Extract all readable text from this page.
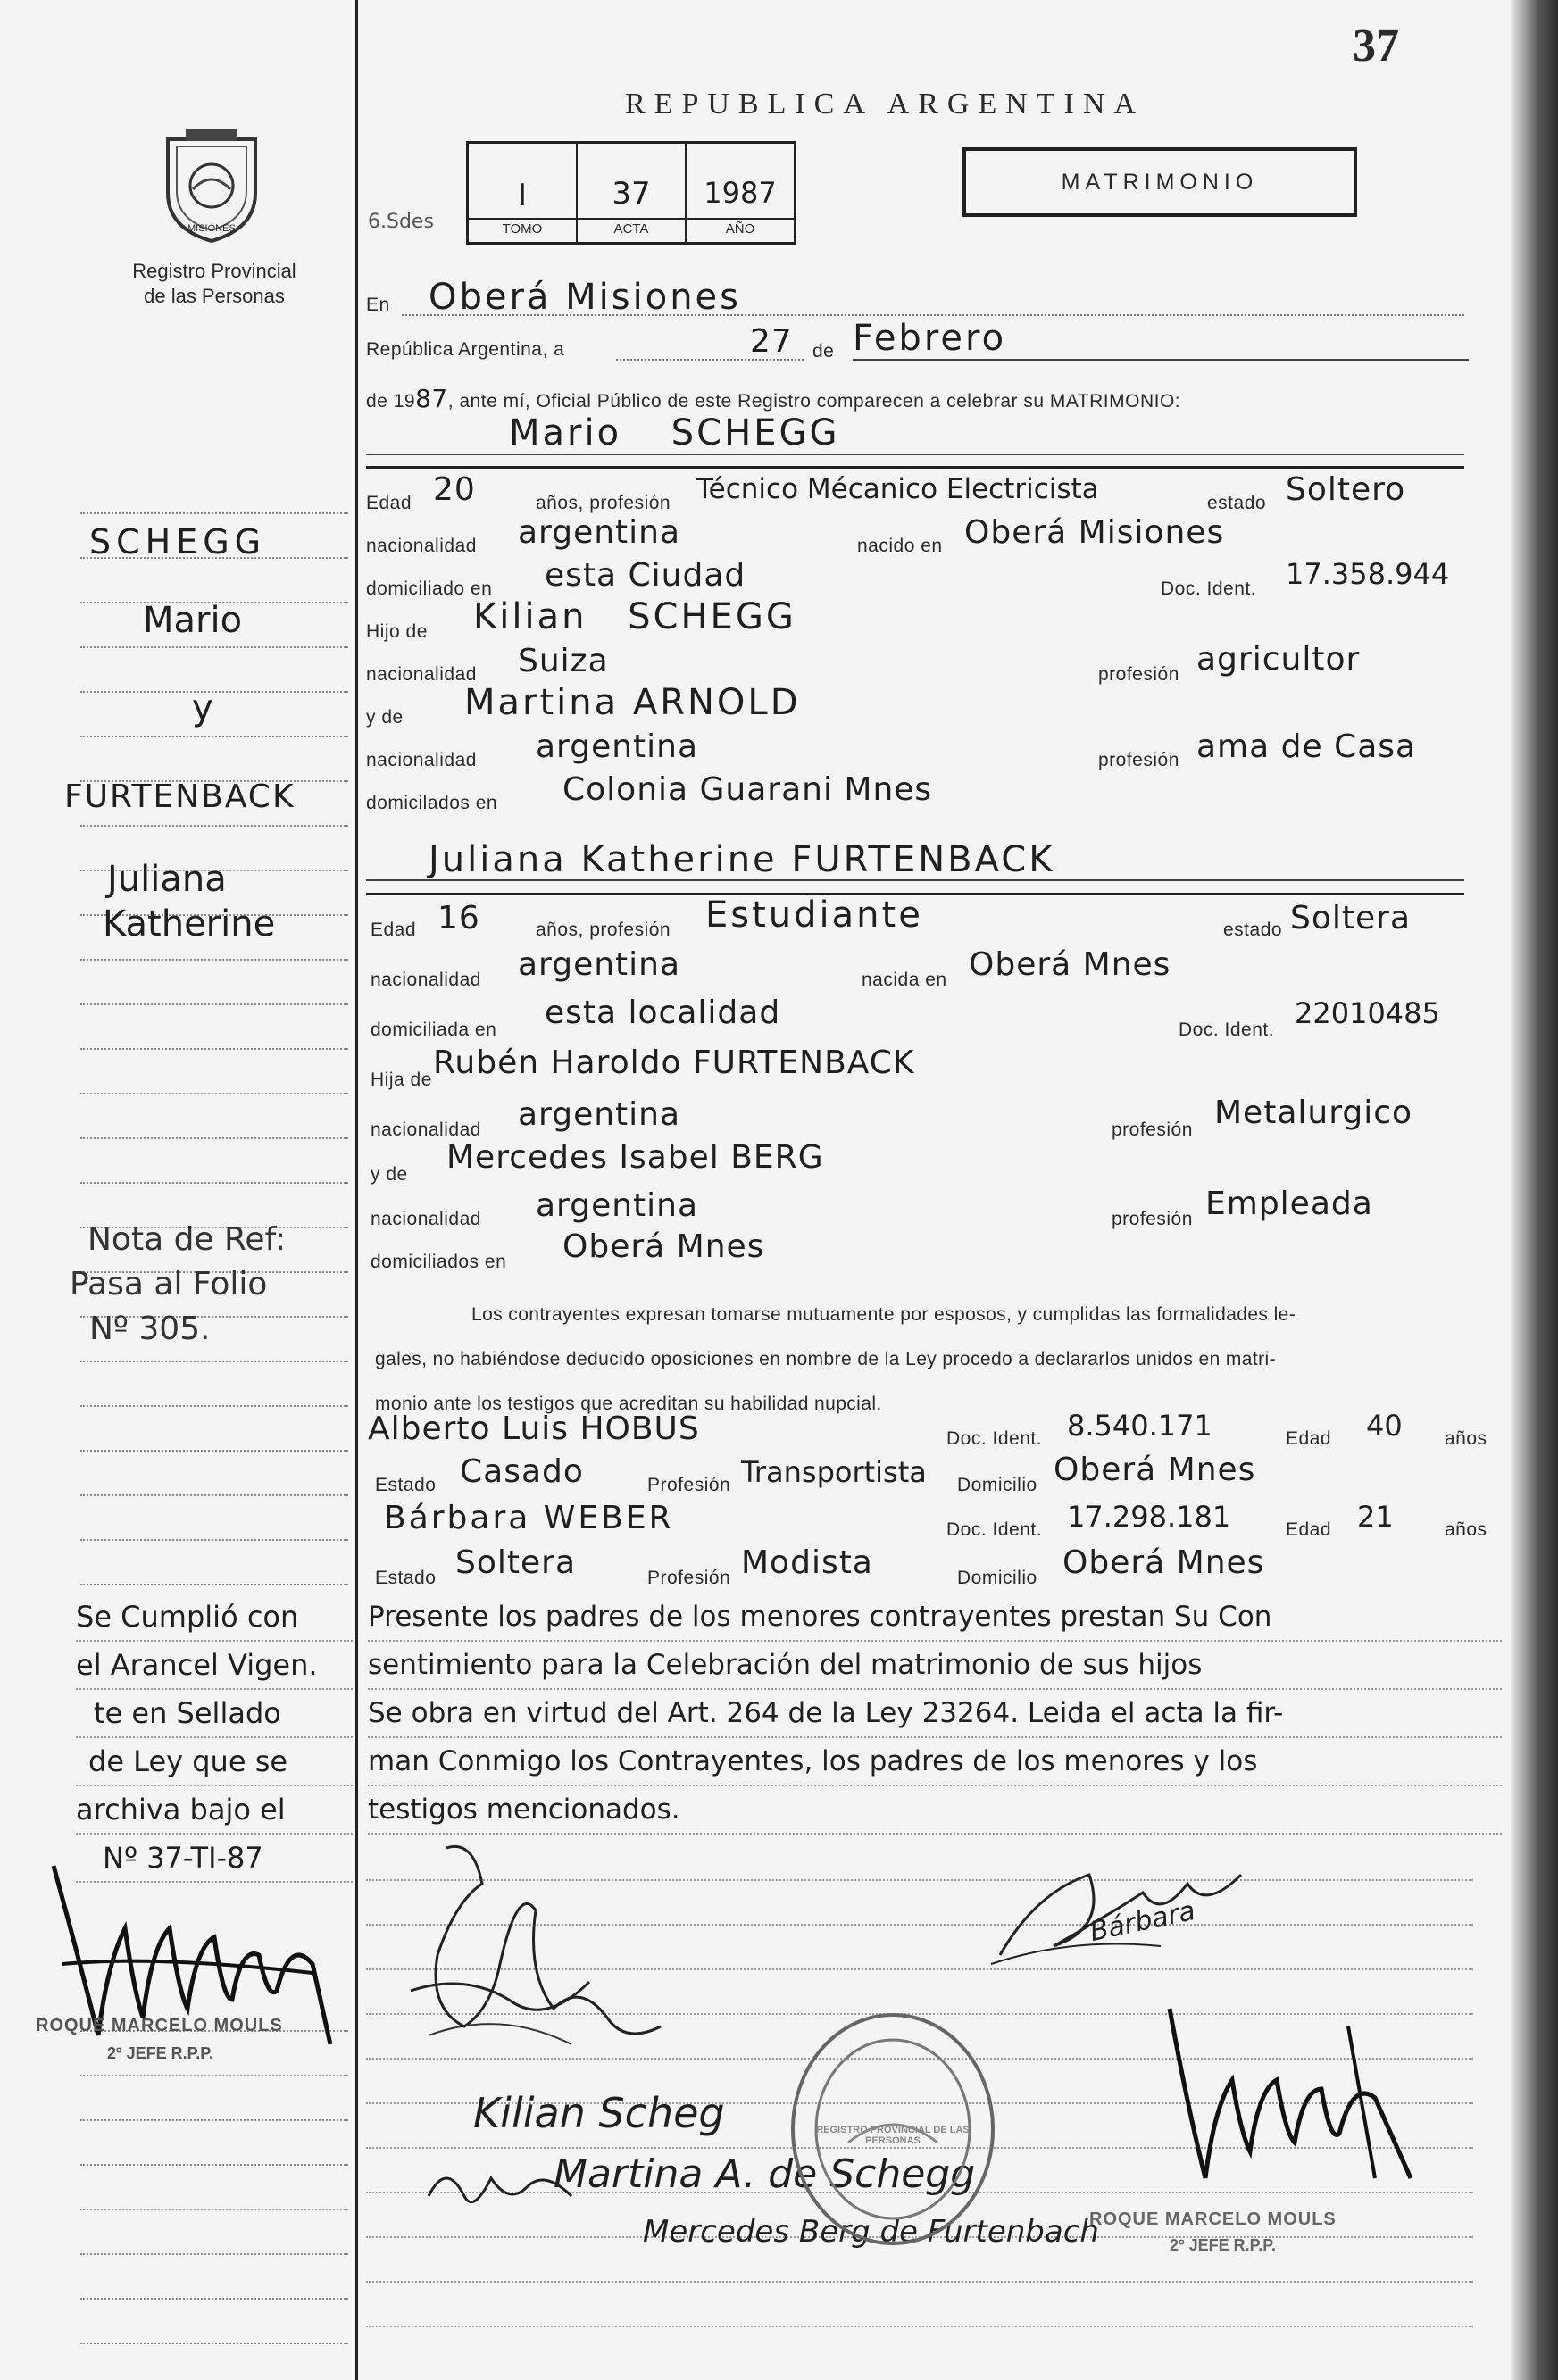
37
MISIONES
Registro Provincial
de las Personas
REPUBLICA ARGENTINA
MATRIMONIO
6.Sdes
I
TOMO
37
ACTA
1987
AÑO
En Oberá Misiones
República Argentina, a	27 de Febrero
de 1987, ante mí, Oficial Público de este Registro comparecen a celebrar su MATRIMONIO:
Mario SCHEGG
Edad 20	años, profesión Técnico Mécanico Electricista	estado Soltero
nacionalidad argentina	nacido en Oberá Misiones
domiciliado en esta Ciudad	Doc. Ident. 17.358.944
Hijo de Kilian SCHEGG
nacionalidad Suiza	profesión agricultor
y de Martina ARNOLD
nacionalidad argentina	profesión ama de Casa
domicilados en Colonia Guarani Mnes
Juliana Katherine FURTENBACK
Edad 16	años, profesión Estudiante	estado Soltera
nacionalidad argentina	nacida en Oberá Mnes
domiciliada en esta localidad	Doc. Ident. 22010485
Hija de Rubén Haroldo FURTENBACK
nacionalidad argentina	profesión Metalurgico
y de Mercedes Isabel BERG
nacionalidad argentina	profesión Empleada
domiciliados en Oberá Mnes
Los contrayentes expresan tomarse mutuamente por esposos, y cumplidas las formalidades le-
gales, no habiéndose deducido oposiciones en nombre de la Ley procedo a declararlos unidos en matri-
monio ante los testigos que acreditan su habilidad nupcial.
Alberto Luis HOBUS	Doc. Ident. 8.540.171	Edad 40 años
Estado Casado	Profesión Transportista Domicilio Oberá Mnes
Bárbara WEBER	Doc. Ident. 17.298.181	Edad 21	años
Estado Soltera	Profesión Modista	Domicilio Oberá Mnes
Presente los padres de los menores contrayentes prestan Su Con
sentimiento para la Celebración del matrimonio de sus hijos
Se obra en virtud del Art. 264 de la Ley 23264. Leida el acta la fir-
man Conmigo los Contrayentes, los padres de los menores y los
testigos mencionados.
SCHEGG
Mario
y
FURTENBACK
Juliana
Katherine
Nota de Ref:
Pasa al Folio
Nº 305.
Se Cumplió con
el Arancel Vigen.
te en Sellado
de Ley que se
archiva bajo el
Nº 37-TI-87
ROQUE MARCELO MOULS
2º JEFE R.P.P.
Bárbara
Kilian Scheg
Martina A. de Schegg
Mercedes Berg de Furtenbach
REGISTRO PROVINCIAL DE LAS PERSONAS
ROQUE MARCELO MOULS
2º JEFE R.P.P.
